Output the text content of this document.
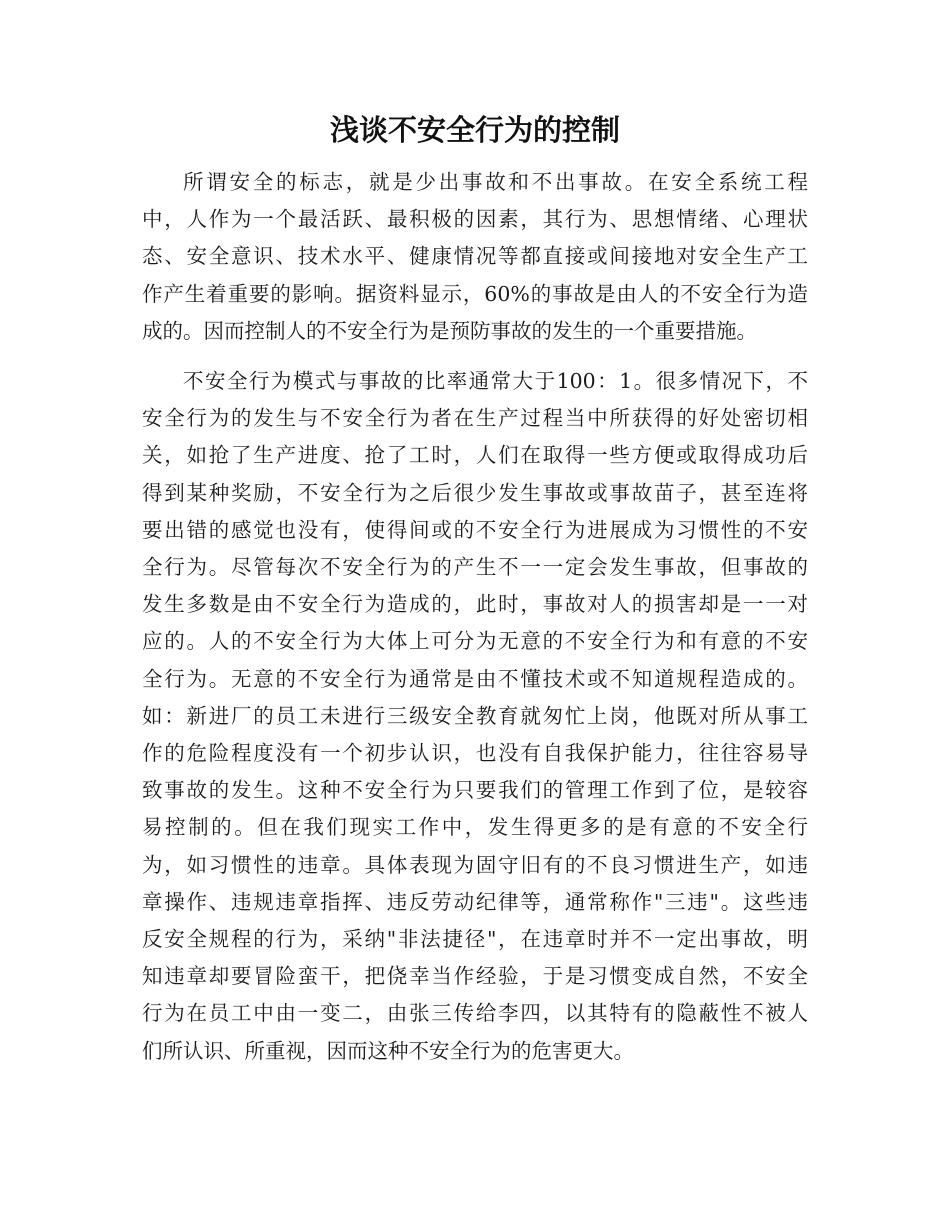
浅谈不安全行为的控制
所谓安全的标志，就是少出事故和不出事故。在安全系统工程
中，人作为一个最活跃、最积极的因素，其行为、思想情绪、心理状
态、安全意识、技术水平、健康情况等都直接或间接地对安全生产工
作产生着重要的影响。据资料显示，60%的事故是由人的不安全行为造
成的。因而控制人的不安全行为是预防事故的发生的一个重要措施。
不安全行为模式与事故的比率通常大于100：1。很多情况下，不
安全行为的发生与不安全行为者在生产过程当中所获得的好处密切相
关，如抢了生产进度、抢了工时，人们在取得一些方便或取得成功后
得到某种奖励，不安全行为之后很少发生事故或事故苗子，甚至连将
要出错的感觉也没有，使得间或的不安全行为进展成为习惯性的不安
全行为。尽管每次不安全行为的产生不一一定会发生事故，但事故的
发生多数是由不安全行为造成的，此时，事故对人的损害却是一一对
应的。人的不安全行为大体上可分为无意的不安全行为和有意的不安
全行为。无意的不安全行为通常是由不懂技术或不知道规程造成的。
如：新进厂的员工未进行三级安全教育就匆忙上岗，他既对所从事工
作的危险程度没有一个初步认识，也没有自我保护能力，往往容易导
致事故的发生。这种不安全行为只要我们的管理工作到了位，是较容
易控制的。但在我们现实工作中，发生得更多的是有意的不安全行
为，如习惯性的违章。具体表现为固守旧有的不良习惯进生产，如违
章操作、违规违章指挥、违反劳动纪律等，通常称作"三违"。这些违
反安全规程的行为，采纳"非法捷径"，在违章时并不一定出事故，明
知违章却要冒险蛮干，把侥幸当作经验，于是习惯变成自然，不安全
行为在员工中由一变二，由张三传给李四，以其特有的隐蔽性不被人
们所认识、所重视，因而这种不安全行为的危害更大。
